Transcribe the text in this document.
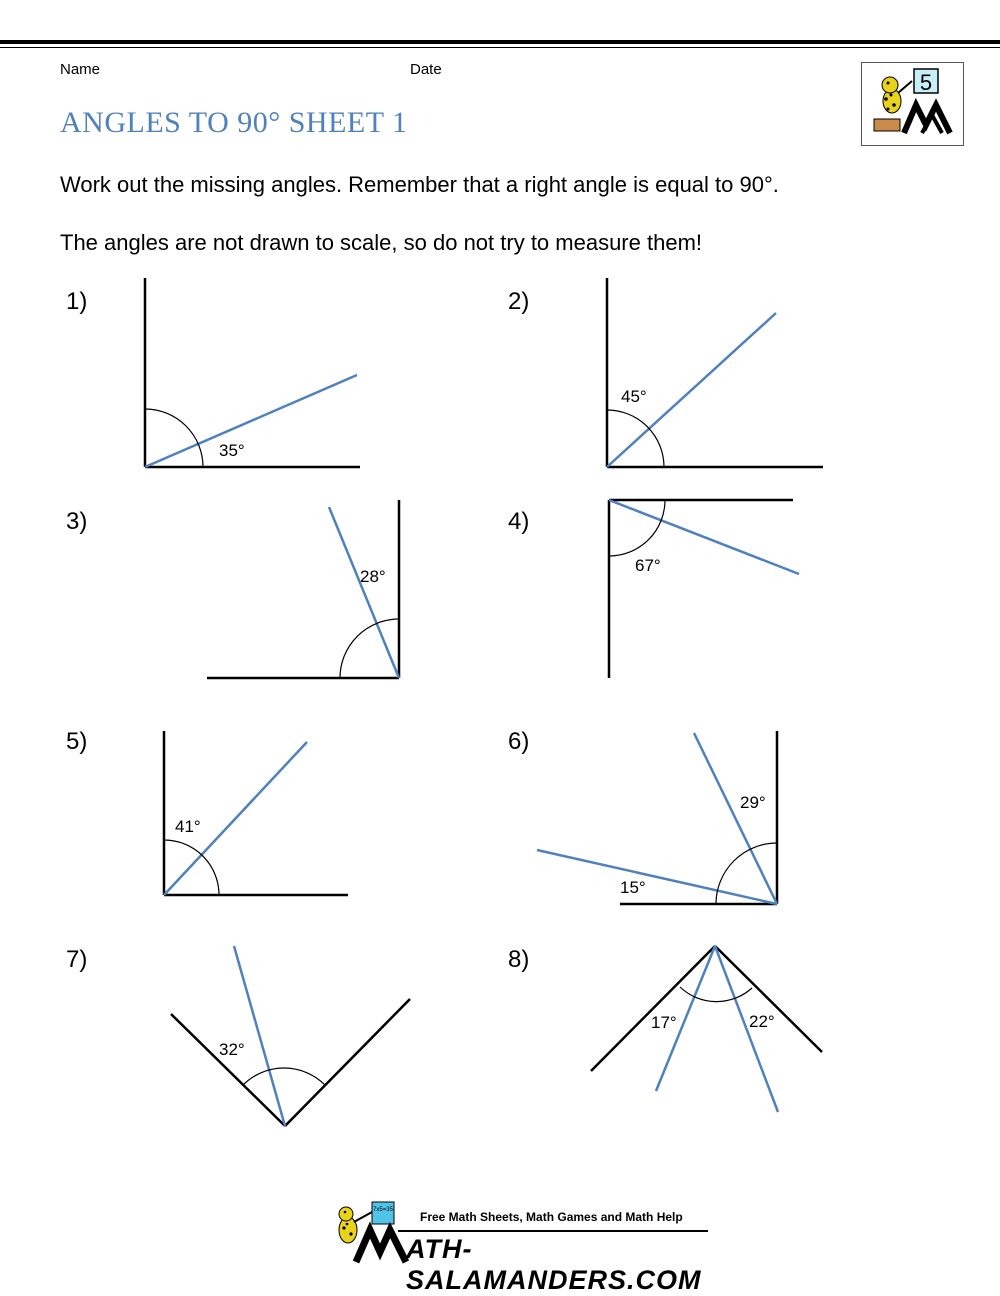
Name	Date
ANGLES TO 90° SHEET 1
5
Work out the missing angles. Remember that a right angle is equal to 90°.
The angles are not drawn to scale, so do not try to measure them!
1)	2)
3)	4)
5)	6)
7)	8)
35°
45°
28°
67°
41°
29°
15°
32°
17°	22°
7x5=35 Free Math Sheets, Math Games and Math Help
ATH-SALAMANDERS.COM
